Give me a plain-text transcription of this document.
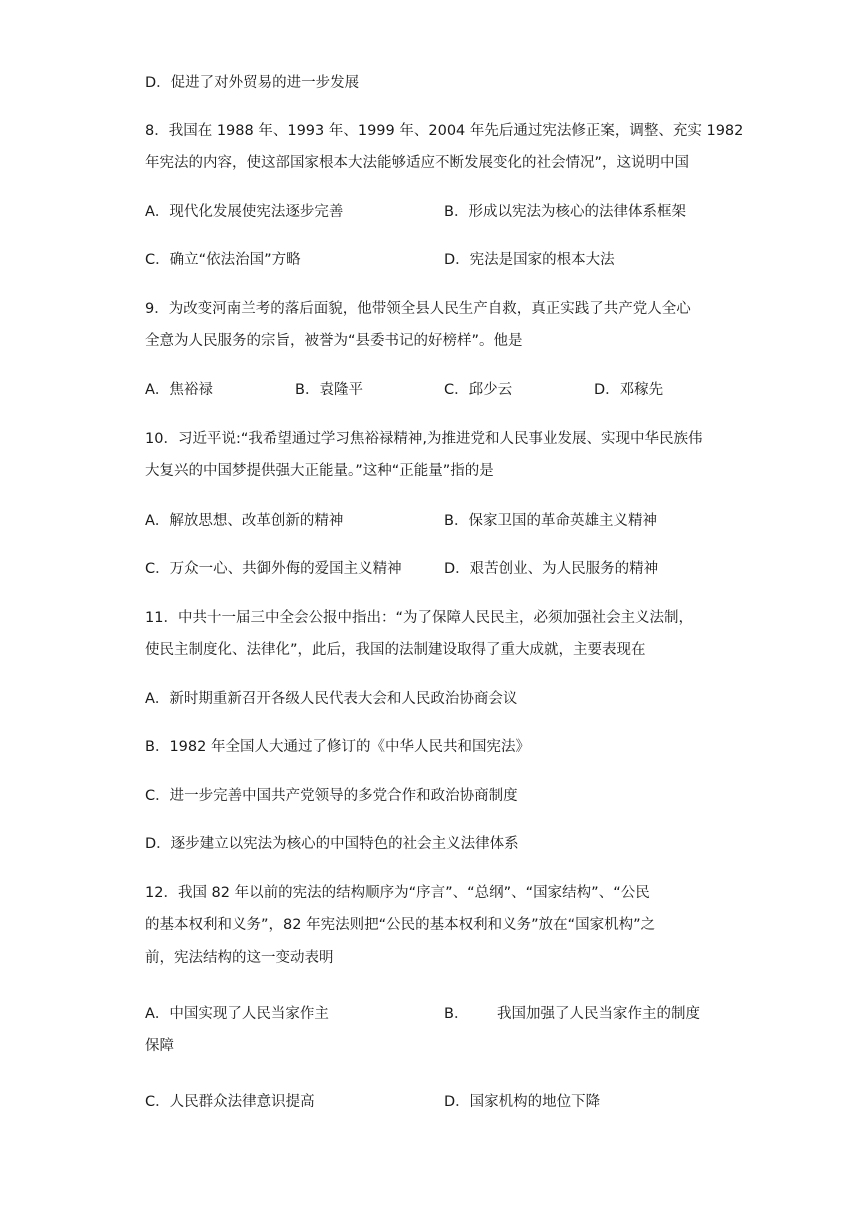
D．促进了对外贸易的进一步发展
8．我国在 1988 年、1993 年、1999 年、2004 年先后通过宪法修正案，调整、充实 1982
年宪法的内容，使这部国家根本大法能够适应不断发展变化的社会情况”，这说明中国
A．现代化发展使宪法逐步完善	B．形成以宪法为核心的法律体系框架
C．确立“依法治国”方略	D．宪法是国家的根本大法
9．为改变河南兰考的落后面貌，他带领全县人民生产自救，真正实践了共产党人全心
全意为人民服务的宗旨，被誉为“县委书记的好榜样”。他是
A．焦裕禄	B．袁隆平	C．邱少云	D．邓稼先
10．习近平说:“我希望通过学习焦裕禄精神,为推进党和人民事业发展、实现中华民族伟
大复兴的中国梦提供强大正能量。”这种“正能量”指的是
A．解放思想、改革创新的精神	B．保家卫国的革命英雄主义精神
C．万众一心、共御外侮的爱国主义精神	D．艰苦创业、为人民服务的精神
11．中共十一届三中全会公报中指出：“为了保障人民民主，必须加强社会主义法制，
使民主制度化、法律化”，此后，我国的法制建设取得了重大成就，主要表现在
A．新时期重新召开各级人民代表大会和人民政治协商会议
B．1982 年全国人大通过了修订的《中华人民共和国宪法》
C．进一步完善中国共产党领导的多党合作和政治协商制度
D．逐步建立以宪法为核心的中国特色的社会主义法律体系
12．我国 82 年以前的宪法的结构顺序为“序言”、“总纲”、“国家结构”、“公民
的基本权利和义务”，82 年宪法则把“公民的基本权利和义务”放在“国家机构”之
前，宪法结构的这一变动表明
A．中国实现了人民当家作主	B． 我国加强了人民当家作主的制度
保障
C．人民群众法律意识提高	D．国家机构的地位下降
